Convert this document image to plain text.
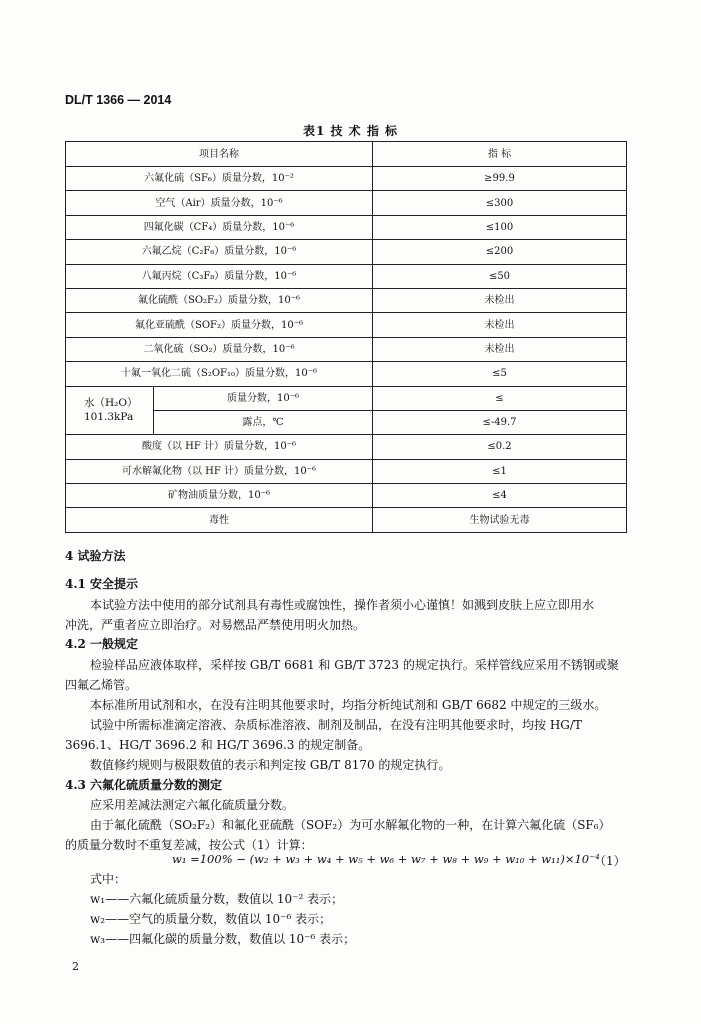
DL/T 1366 — 2014
表1 技 术 指 标
项目名称		指 标
六氟化硫（SF₆）质量分数，10⁻²		≥99.9
空气（Air）质量分数，10⁻⁶		≤300
四氟化碳（CF₄）质量分数，10⁻⁶		≤100
六氟乙烷（C₂F₆）质量分数，10⁻⁶		≤200
八氟丙烷（C₃F₈）质量分数，10⁻⁶		≤50
氟化硫酰（SO₂F₂）质量分数，10⁻⁶		未检出
氟化亚硫酰（SOF₂）质量分数，10⁻⁶		未检出
二氧化硫（SO₂）质量分数，10⁻⁶		未检出
十氟一氧化二硫（S₂OF₁₀）质量分数，10⁻⁶		≤5
水（H₂O）
101.3kPa	质量分数，10⁻⁶	≤
	露点，℃	≤-49.7
酸度（以 HF 计）质量分数，10⁻⁶		≤0.2
可水解氟化物（以 HF 计）质量分数，10⁻⁶		≤1
矿物油质量分数，10⁻⁶		≤4
毒性		生物试验无毒
4 试验方法
4.1 安全提示
本试验方法中使用的部分试剂具有毒性或腐蚀性，操作者须小心谨慎！如溅到皮肤上应立即用水
冲洗，严重者应立即治疗。对易燃品严禁使用明火加热。
4.2 一般规定
检验样品应液体取样，采样按 GB/T 6681 和 GB/T 3723 的规定执行。采样管线应采用不锈钢或聚
四氟乙烯管。
本标准所用试剂和水，在没有注明其他要求时，均指分析纯试剂和 GB/T 6682 中规定的三级水。
试验中所需标准滴定溶液、杂质标准溶液、制剂及制品，在没有注明其他要求时，均按 HG/T
3696.1、HG/T 3696.2 和 HG/T 3696.3 的规定制备。
数值修约规则与极限数值的表示和判定按 GB/T 8170 的规定执行。
4.3 六氟化硫质量分数的测定
应采用差减法测定六氟化硫质量分数。
由于氟化硫酰（SO₂F₂）和氟化亚硫酰（SOF₂）为可水解氟化物的一种，在计算六氟化硫（SF₆）
的质量分数时不重复差减，按公式（1）计算：
w₁ =100% − (w₂ + w₃ + w₄ + w₅ + w₆ + w₇ + w₈ + w₉ + w₁₀ + w₁₁)×10⁻⁴
（1）
式中：
w₁——六氟化硫质量分数，数值以 10⁻² 表示；
w₂——空气的质量分数，数值以 10⁻⁶ 表示；
w₃——四氟化碳的质量分数，数值以 10⁻⁶ 表示；
2
